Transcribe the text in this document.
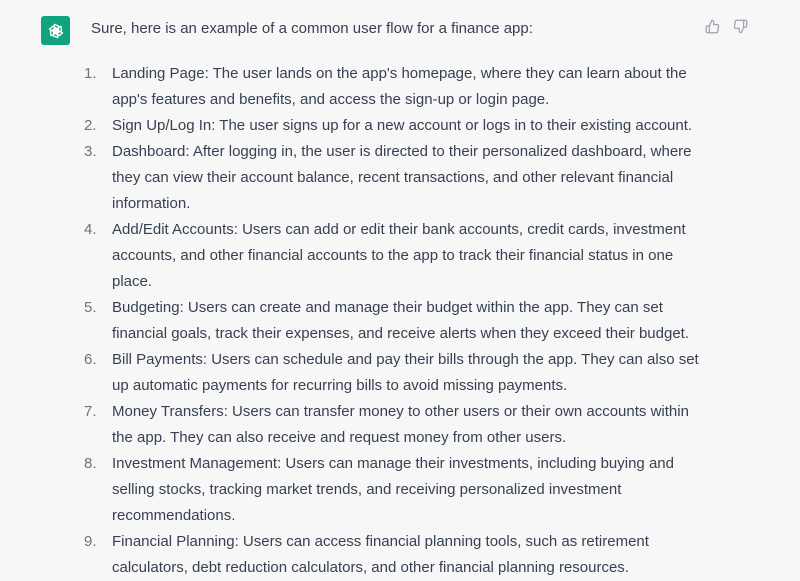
Sure, here is an example of a common user flow for a finance app:

1. Landing Page: The user lands on the app's homepage, where they can learn about the app's features and benefits, and access the sign-up or login page.
2. Sign Up/Log In: The user signs up for a new account or logs in to their existing account.
3. Dashboard: After logging in, the user is directed to their personalized dashboard, where they can view their account balance, recent transactions, and other relevant financial information.
4. Add/Edit Accounts: Users can add or edit their bank accounts, credit cards, investment accounts, and other financial accounts to the app to track their financial status in one place.
5. Budgeting: Users can create and manage their budget within the app. They can set financial goals, track their expenses, and receive alerts when they exceed their budget.
6. Bill Payments: Users can schedule and pay their bills through the app. They can also set up automatic payments for recurring bills to avoid missing payments.
7. Money Transfers: Users can transfer money to other users or their own accounts within the app. They can also receive and request money from other users.
8. Investment Management: Users can manage their investments, including buying and selling stocks, tracking market trends, and receiving personalized investment recommendations.
9. Financial Planning: Users can access financial planning tools, such as retirement calculators, debt reduction calculators, and other financial planning resources.
